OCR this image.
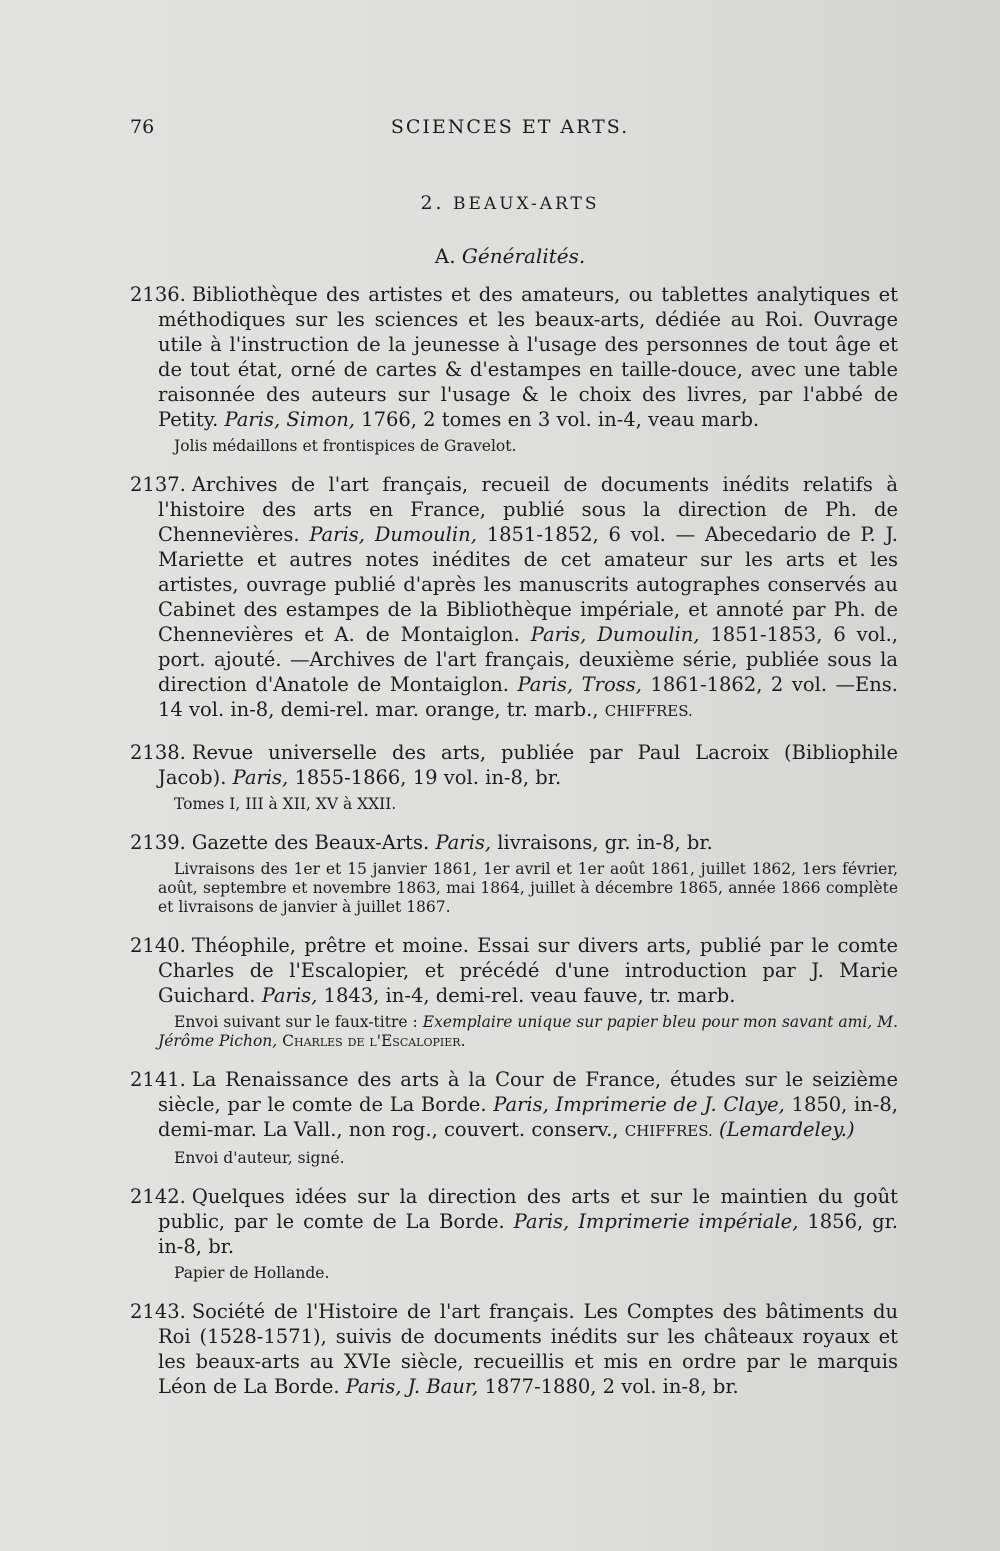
76	SCIENCES ET ARTS.
2. BEAUX-ARTS
A. Généralités.
2136. Bibliothèque des artistes et des amateurs, ou tablettes analytiques et méthodiques sur les sciences et les beaux-arts, dédiée au Roi. Ouvrage utile à l'instruction de la jeunesse à l'usage des personnes de tout âge et de tout état, orné de cartes & d'estampes en taille-douce, avec une table raisonnée des auteurs sur l'usage & le choix des livres, par l'abbé de Petity. Paris, Simon, 1766, 2 tomes en 3 vol. in-4, veau marb.
Jolis médaillons et frontispices de Gravelot.
2137. Archives de l'art français, recueil de documents inédits relatifs à l'histoire des arts en France, publié sous la direction de Ph. de Chennevières. Paris, Dumoulin, 1851-1852, 6 vol. — Abecedario de P. J. Mariette et autres notes inédites de cet amateur sur les arts et les artistes, ouvrage publié d'après les manuscrits autographes conservés au Cabinet des estampes de la Bibliothèque impériale, et annoté par Ph. de Chennevières et A. de Montaiglon. Paris, Dumoulin, 1851-1853, 6 vol., port. ajouté. —Archives de l'art français, deuxième série, publiée sous la direction d'Anatole de Montaiglon. Paris, Tross, 1861-1862, 2 vol. —Ens. 14 vol. in-8, demi-rel. mar. orange, tr. marb., CHIFFRES.
2138. Revue universelle des arts, publiée par Paul Lacroix (Bibliophile Jacob). Paris, 1855-1866, 19 vol. in-8, br.
Tomes I, III à XII, XV à XXII.
2139. Gazette des Beaux-Arts. Paris, livraisons, gr. in-8, br.
Livraisons des 1er et 15 janvier 1861, 1er avril et 1er août 1861, juillet 1862, 1ers février, août, septembre et novembre 1863, mai 1864, juillet à décembre 1865, année 1866 complète et livraisons de janvier à juillet 1867.
2140. Théophile, prêtre et moine. Essai sur divers arts, publié par le comte Charles de l'Escalopier, et précédé d'une introduction par J. Marie Guichard. Paris, 1843, in-4, demi-rel. veau fauve, tr. marb.
Envoi suivant sur le faux-titre : Exemplaire unique sur papier bleu pour mon savant ami, M. Jérôme Pichon, Charles de l'Escalopier.
2141. La Renaissance des arts à la Cour de France, études sur le seizième siècle, par le comte de La Borde. Paris, Imprimerie de J. Claye, 1850, in-8, demi-mar. La Vall., non rog., couvert. conserv., CHIFFRES. (Lemardeley.)
Envoi d'auteur, signé.
2142. Quelques idées sur la direction des arts et sur le maintien du goût public, par le comte de La Borde. Paris, Imprimerie impériale, 1856, gr. in-8, br.
Papier de Hollande.
2143. Société de l'Histoire de l'art français. Les Comptes des bâtiments du Roi (1528-1571), suivis de documents inédits sur les châteaux royaux et les beaux-arts au XVIe siècle, recueillis et mis en ordre par le marquis Léon de La Borde. Paris, J. Baur, 1877-1880, 2 vol. in-8, br.
